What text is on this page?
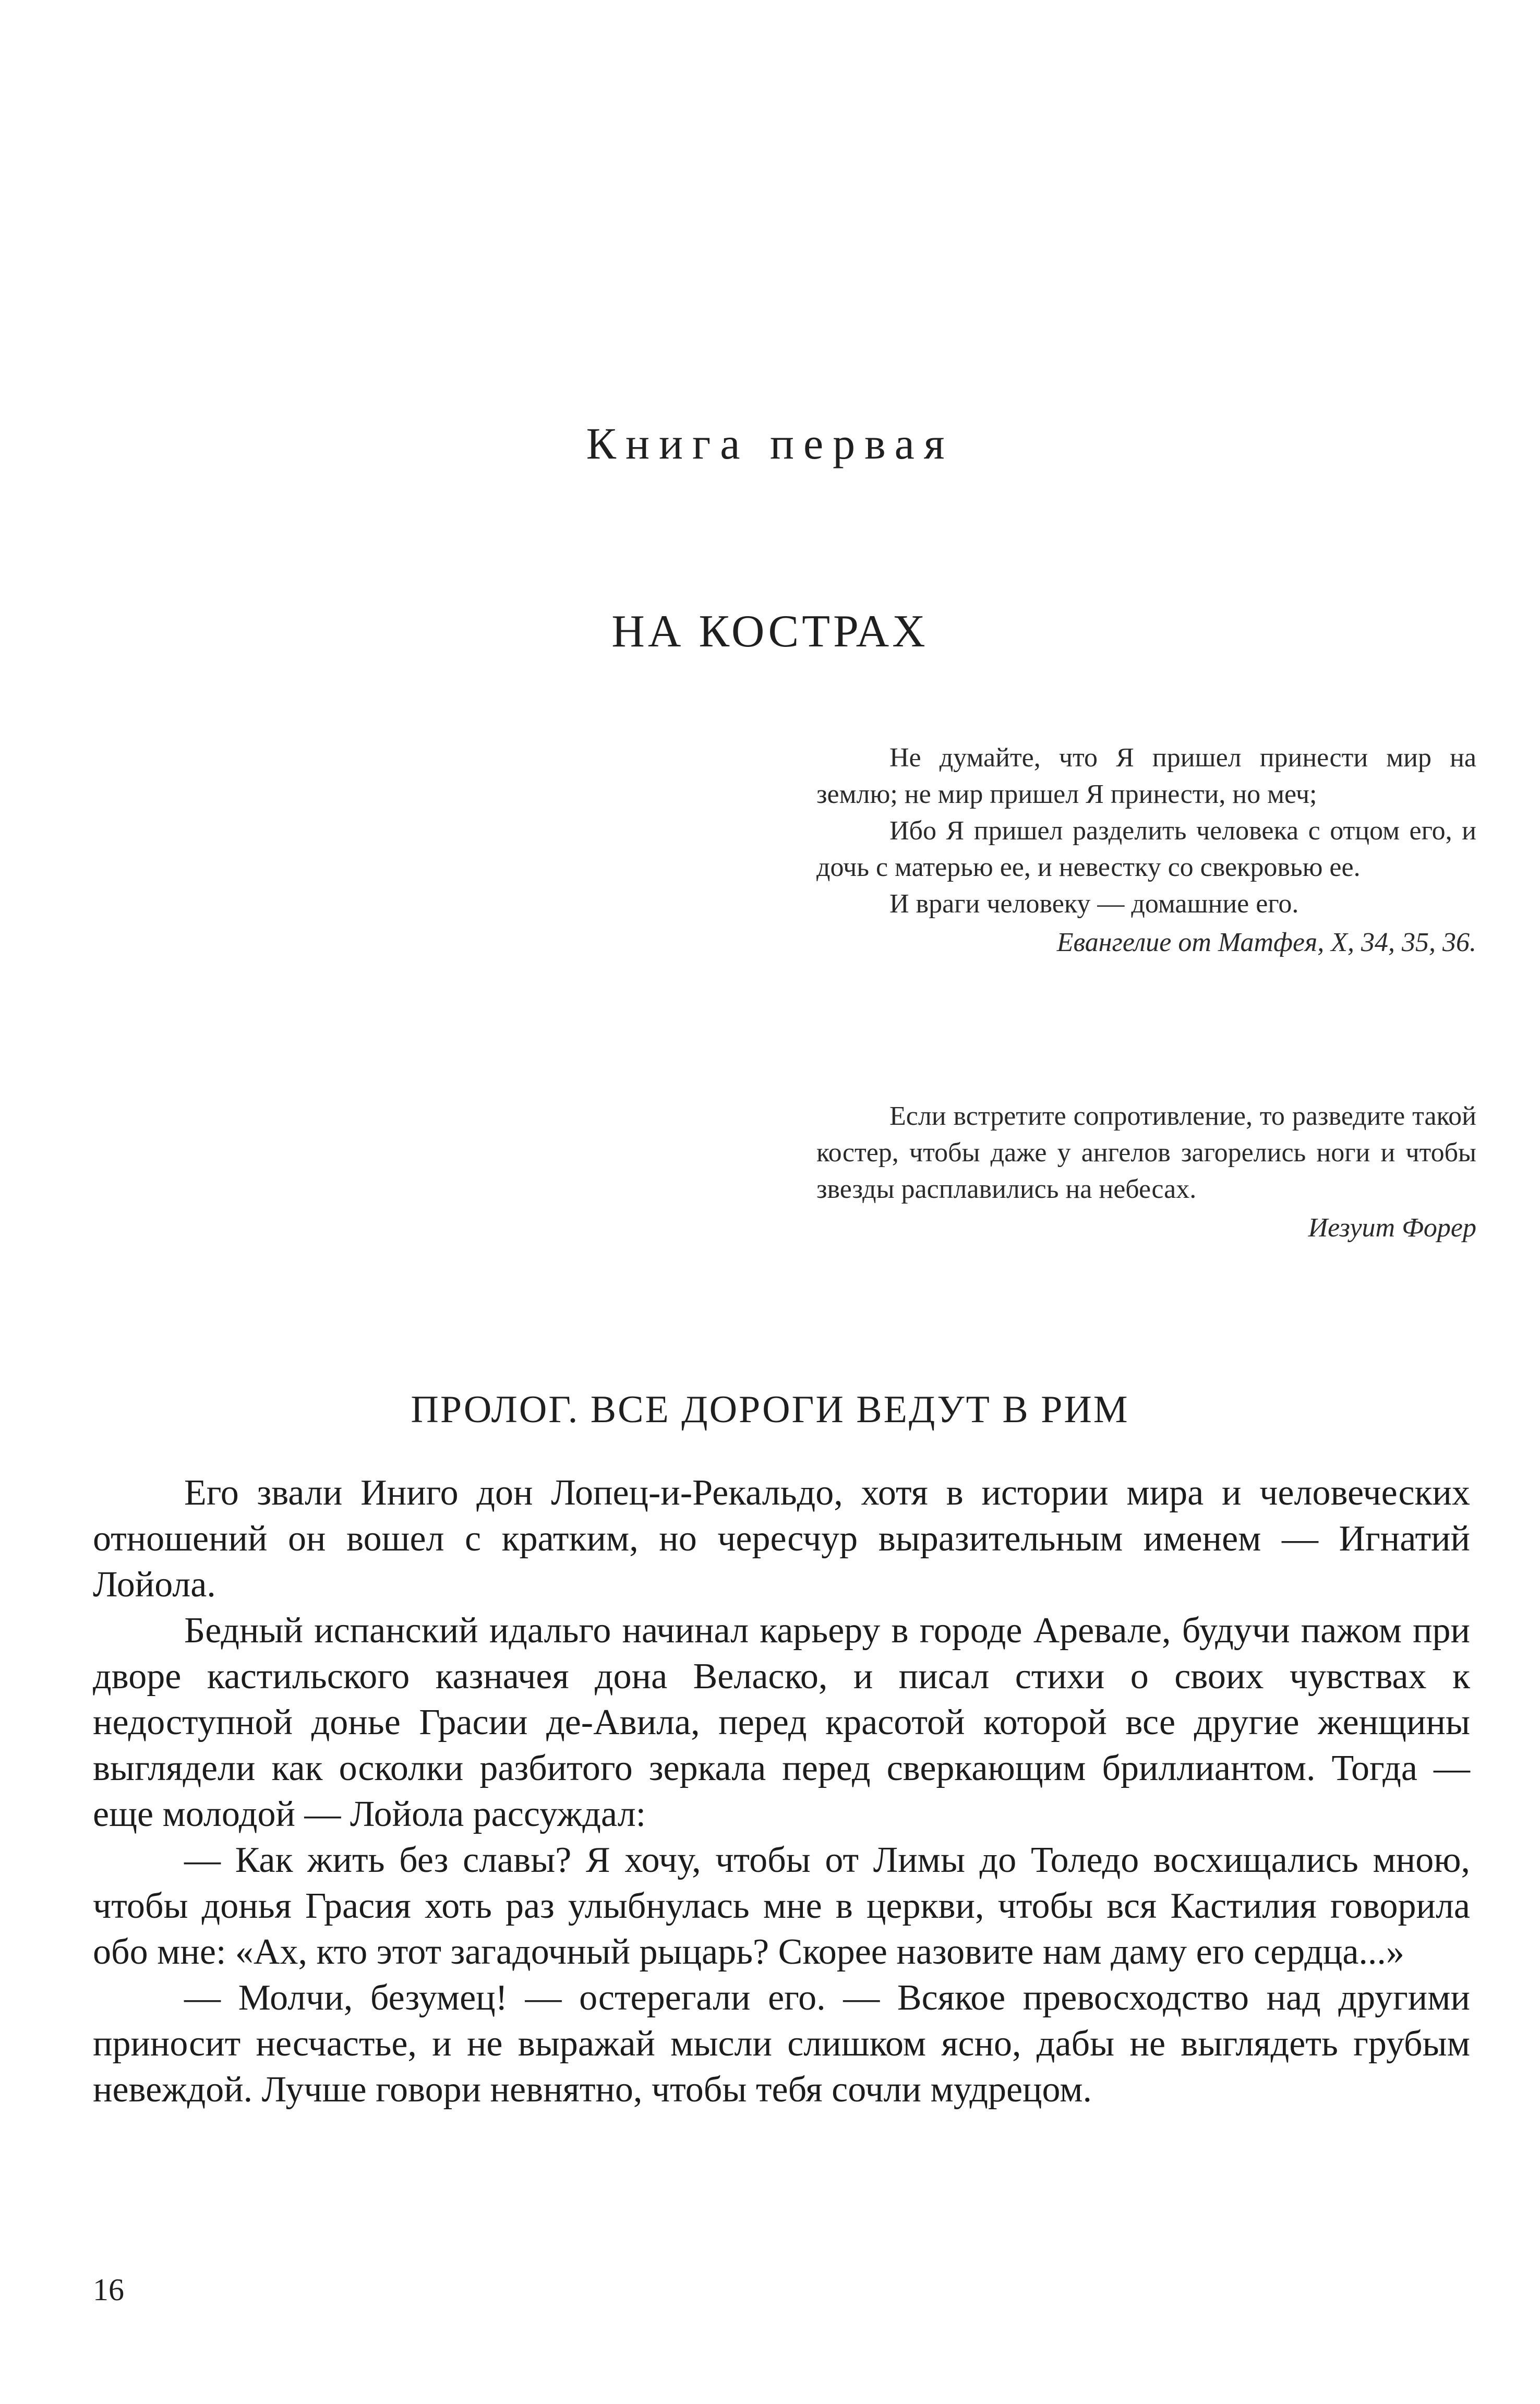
Книга первая
НА КОСТРАХ

Не думайте, что Я пришел принести мир на землю; не мир пришел Я принести, но меч;

Ибо Я пришел разделить человека с отцом его, и дочь с матерью ее, и невестку со свекровью ее.

И враги человеку — домашние его.

Евангелие от Матфея, X, 34, 35, 36.

Если встретите сопротивление, то разведите такой костер, чтобы даже у ангелов загорелись ноги и чтобы звезды расплавились на небесах.

Иезуит Форер

ПРОЛОГ. ВСЕ ДОРОГИ ВЕДУТ В РИМ

Его звали Иниго дон Лопец-и-Рекальдо, хотя в истории мира и человеческих отношений он вошел с кратким, но чересчур выразительным именем — Игнатий Лойола.

Бедный испанский идальго начинал карьеру в городе Аревале, будучи пажом при дворе кастильского казначея дона Веласко, и писал стихи о своих чувствах к недоступной донье Грасии де-Авила, перед красотой которой все другие женщины выглядели как осколки разбитого зеркала перед сверкающим бриллиантом. Тогда — еще молодой — Лойола рассуждал:

— Как жить без славы? Я хочу, чтобы от Лимы до Толедо восхищались мною, чтобы донья Грасия хоть раз улыбнулась мне в церкви, чтобы вся Кастилия говорила обо мне: «Ах, кто этот загадочный рыцарь? Скорее назовите нам даму его сердца...»

— Молчи, безумец! — остерегали его. — Всякое превосходство над другими приносит несчастье, и не выражай мысли слишком ясно, дабы не выглядеть грубым невеждой. Лучше говори невнятно, чтобы тебя сочли мудрецом.

16
